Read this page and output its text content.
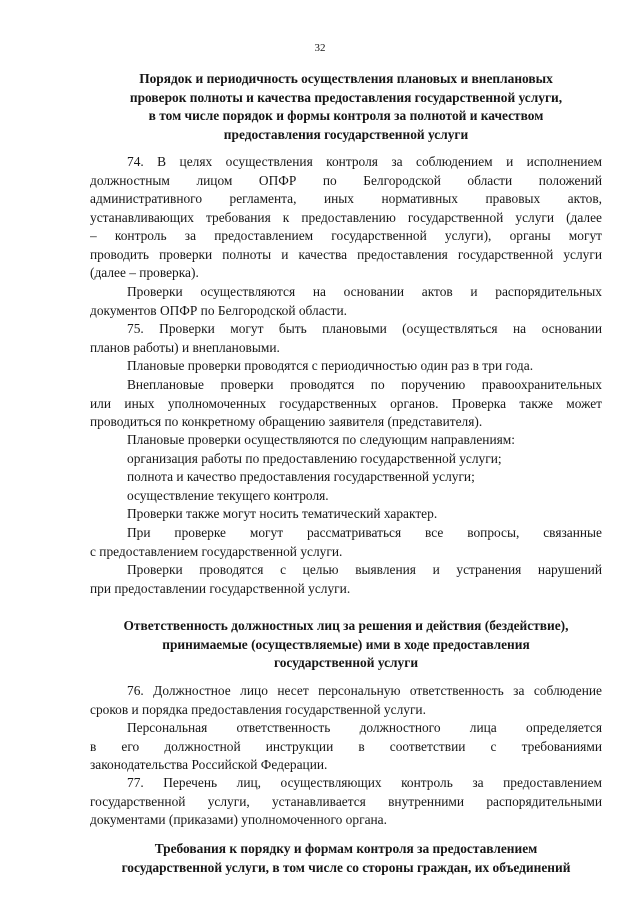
32
Порядок и периодичность осуществления плановых и внеплановых
проверок полноты и качества предоставления государственной услуги,
в том числе порядок и формы контроля за полнотой и качеством
предоставления государственной услуги
74. В целях осуществления контроля за соблюдением и исполнением
должностным лицом ОПФР по Белгородской области положений
административного регламента, иных нормативных правовых актов,
устанавливающих требования к предоставлению государственной услуги (далее
– контроль за предоставлением государственной услуги), органы могут
проводить проверки полноты и качества предоставления государственной услуги
(далее – проверка).
Проверки осуществляются на основании актов и распорядительных
документов ОПФР по Белгородской области.
75. Проверки могут быть плановыми (осуществляться на основании
планов работы) и внеплановыми.
Плановые проверки проводятся с периодичностью один раз в три года.
Внеплановые проверки проводятся по поручению правоохранительных
или иных уполномоченных государственных органов. Проверка также может
проводиться по конкретному обращению заявителя (представителя).
Плановые проверки осуществляются по следующим направлениям:
организация работы по предоставлению государственной услуги;
полнота и качество предоставления государственной услуги;
осуществление текущего контроля.
Проверки также могут носить тематический характер.
При проверке могут рассматриваться все вопросы, связанные
с предоставлением государственной услуги.
Проверки проводятся с целью выявления и устранения нарушений
при предоставлении государственной услуги.
Ответственность должностных лиц за решения и действия (бездействие),
принимаемые (осуществляемые) ими в ходе предоставления
государственной услуги
76. Должностное лицо несет персональную ответственность за соблюдение
сроков и порядка предоставления государственной услуги.
Персональная ответственность должностного лица определяется
в его должностной инструкции в соответствии с требованиями
законодательства Российской Федерации.
77. Перечень лиц, осуществляющих контроль за предоставлением
государственной услуги, устанавливается внутренними распорядительными
документами (приказами) уполномоченного органа.
Требования к порядку и формам контроля за предоставлением
государственной услуги, в том числе со стороны граждан, их объединений
